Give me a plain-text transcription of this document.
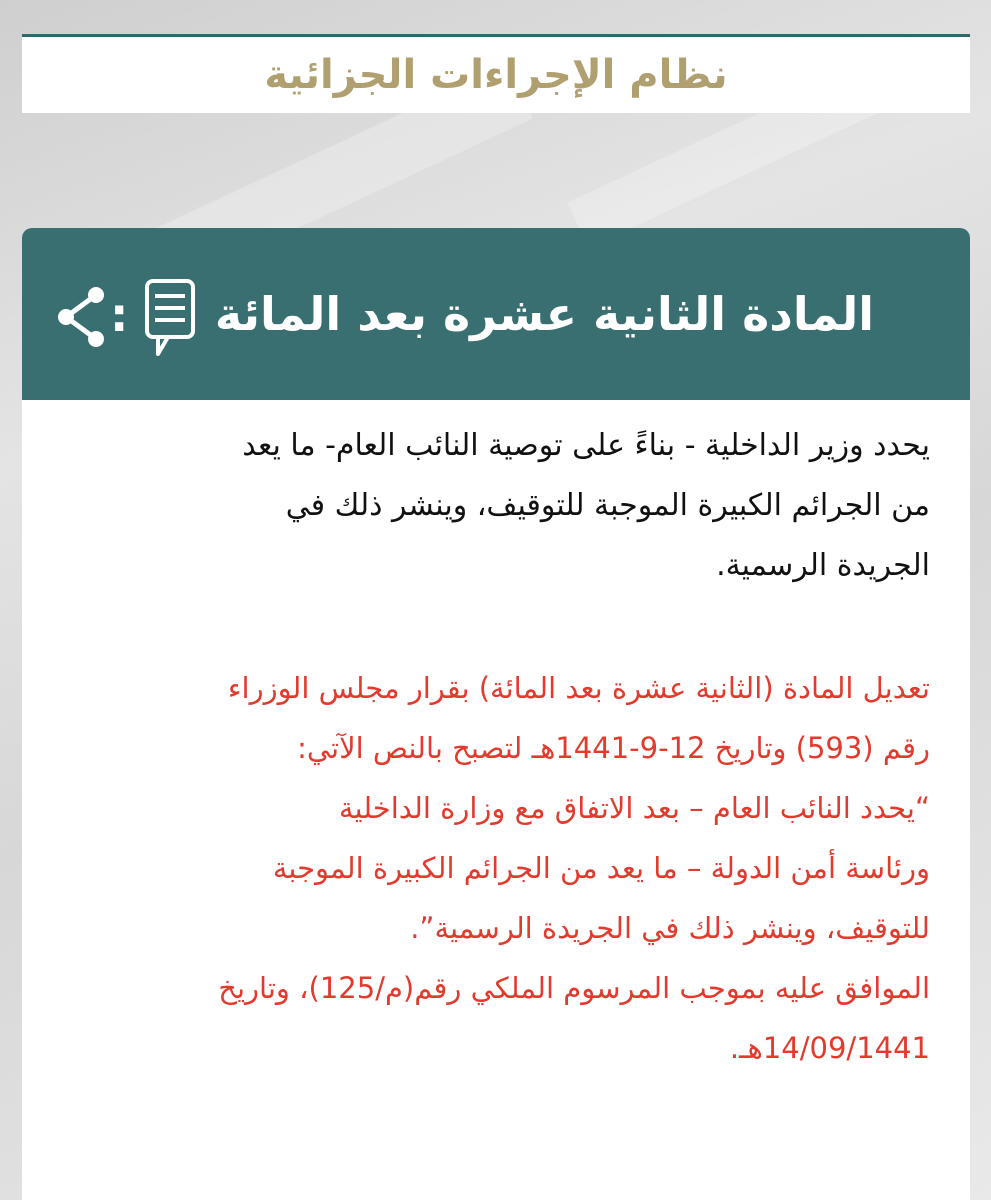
نظام الإجراءات الجزائية
المادة الثانية عشرة بعد المائة
:

يحدد وزير الداخلية - بناءً على توصية النائب العام- ما يعد

من الجرائم الكبيرة الموجبة للتوقيف، وينشر ذلك في

الجريدة الرسمية.

تعديل المادة (الثانية عشرة بعد المائة) بقرار مجلس الوزراء

رقم (593) وتاريخ 12-9-1441هـ لتصبح بالنص الآتي:

“يحدد النائب العام – بعد الاتفاق مع وزارة الداخلية

ورئاسة أمن الدولة – ما يعد من الجرائم الكبيرة الموجبة

للتوقيف، وينشر ذلك في الجريدة الرسمية”.

الموافق عليه بموجب المرسوم الملكي رقم(م/125)، وتاريخ

14/09/1441هـ.
